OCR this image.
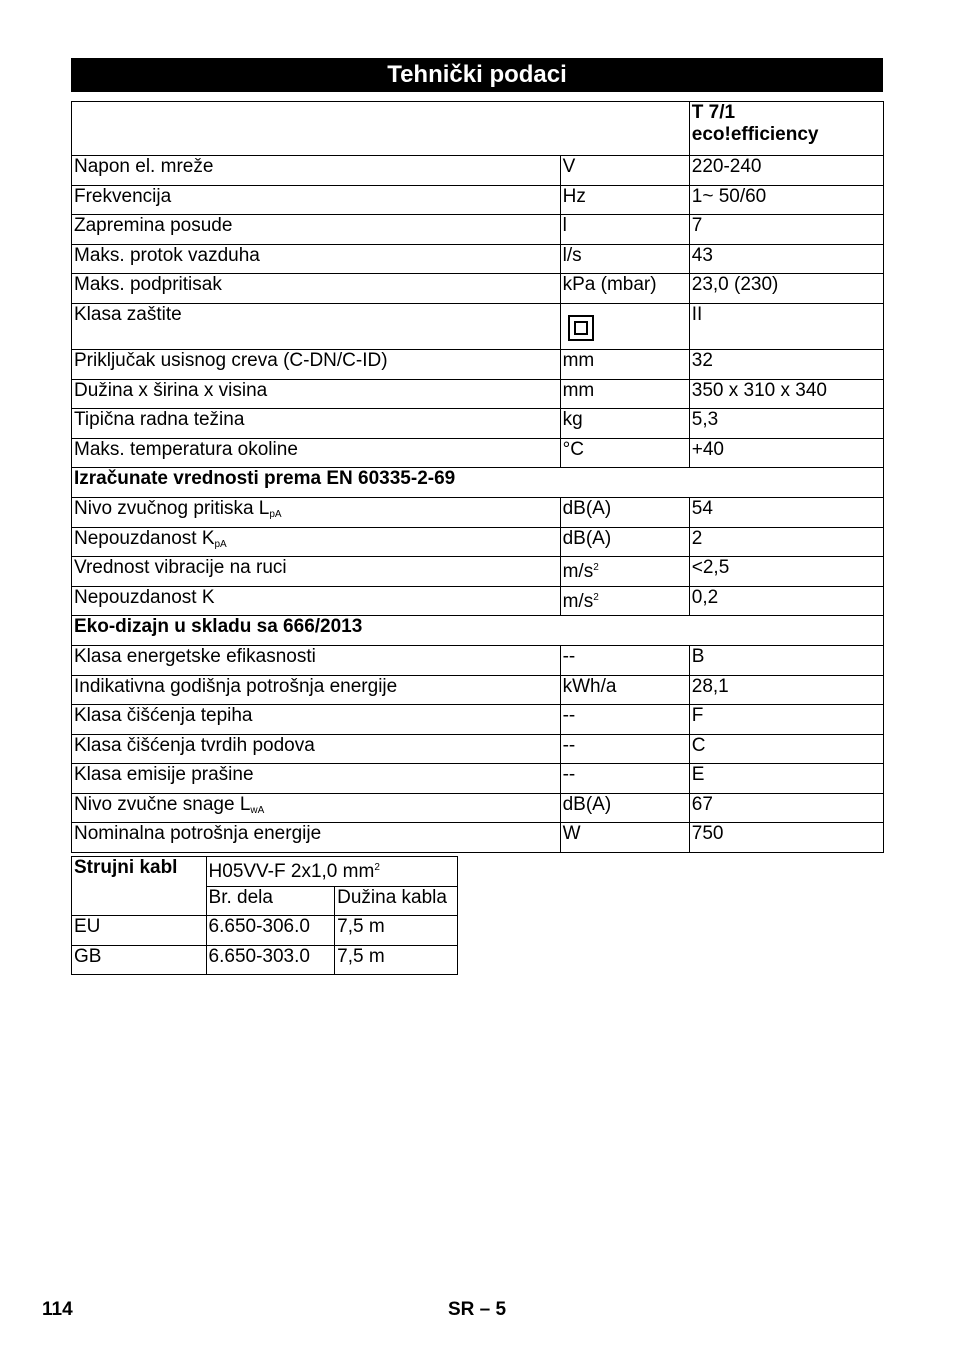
Tehnički podaci

		T 7/1
eco!efficiency

Napon el. mreže	V	220-240
Frekvencija	Hz	1~ 50/60
Zapremina posude	l	7
Maks. protok vazduha	l/s	43
Maks. podpritisak	kPa (mbar)	23,0 (230)
Klasa zaštite		II
Priključak usisnog creva (C-DN/C-ID)	mm	32
Dužina x širina x visina	mm	350 x 310 x 340
Tipična radna težina	kg	5,3
Maks. temperatura okoline	°C	+40
Izračunate vrednosti prema EN 60335-2-69		
Nivo zvučnog pritiska $L_{pA}$	dB(A)	54
Nepouzdanost $K_{pA}$	dB(A)	2
Vrednost vibracije na ruci	$m/s^2$	<2,5
Nepouzdanost K	$m/s^2$	0,2
Eko-dizajn u skladu sa 666/2013		
Klasa energetske efikasnosti	--	B
Indikativna godišnja potrošnja energije	kWh/a	28,1
Klasa čišćenja tepiha	--	F
Klasa čišćenja tvrdih podova	--	C
Klasa emisije prašine	--	E
Nivo zvučne snage $L_{wA}$	dB(A)	67
Nominalna potrošnja energije	W	750
Strujni kabl	H05VV-F 2x1,0 $mm^2$
	Br. dela	Dužina kabla
EU	6.650-306.0	7,5 m
GB	6.650-303.0	7,5 m
114	SR – 5
